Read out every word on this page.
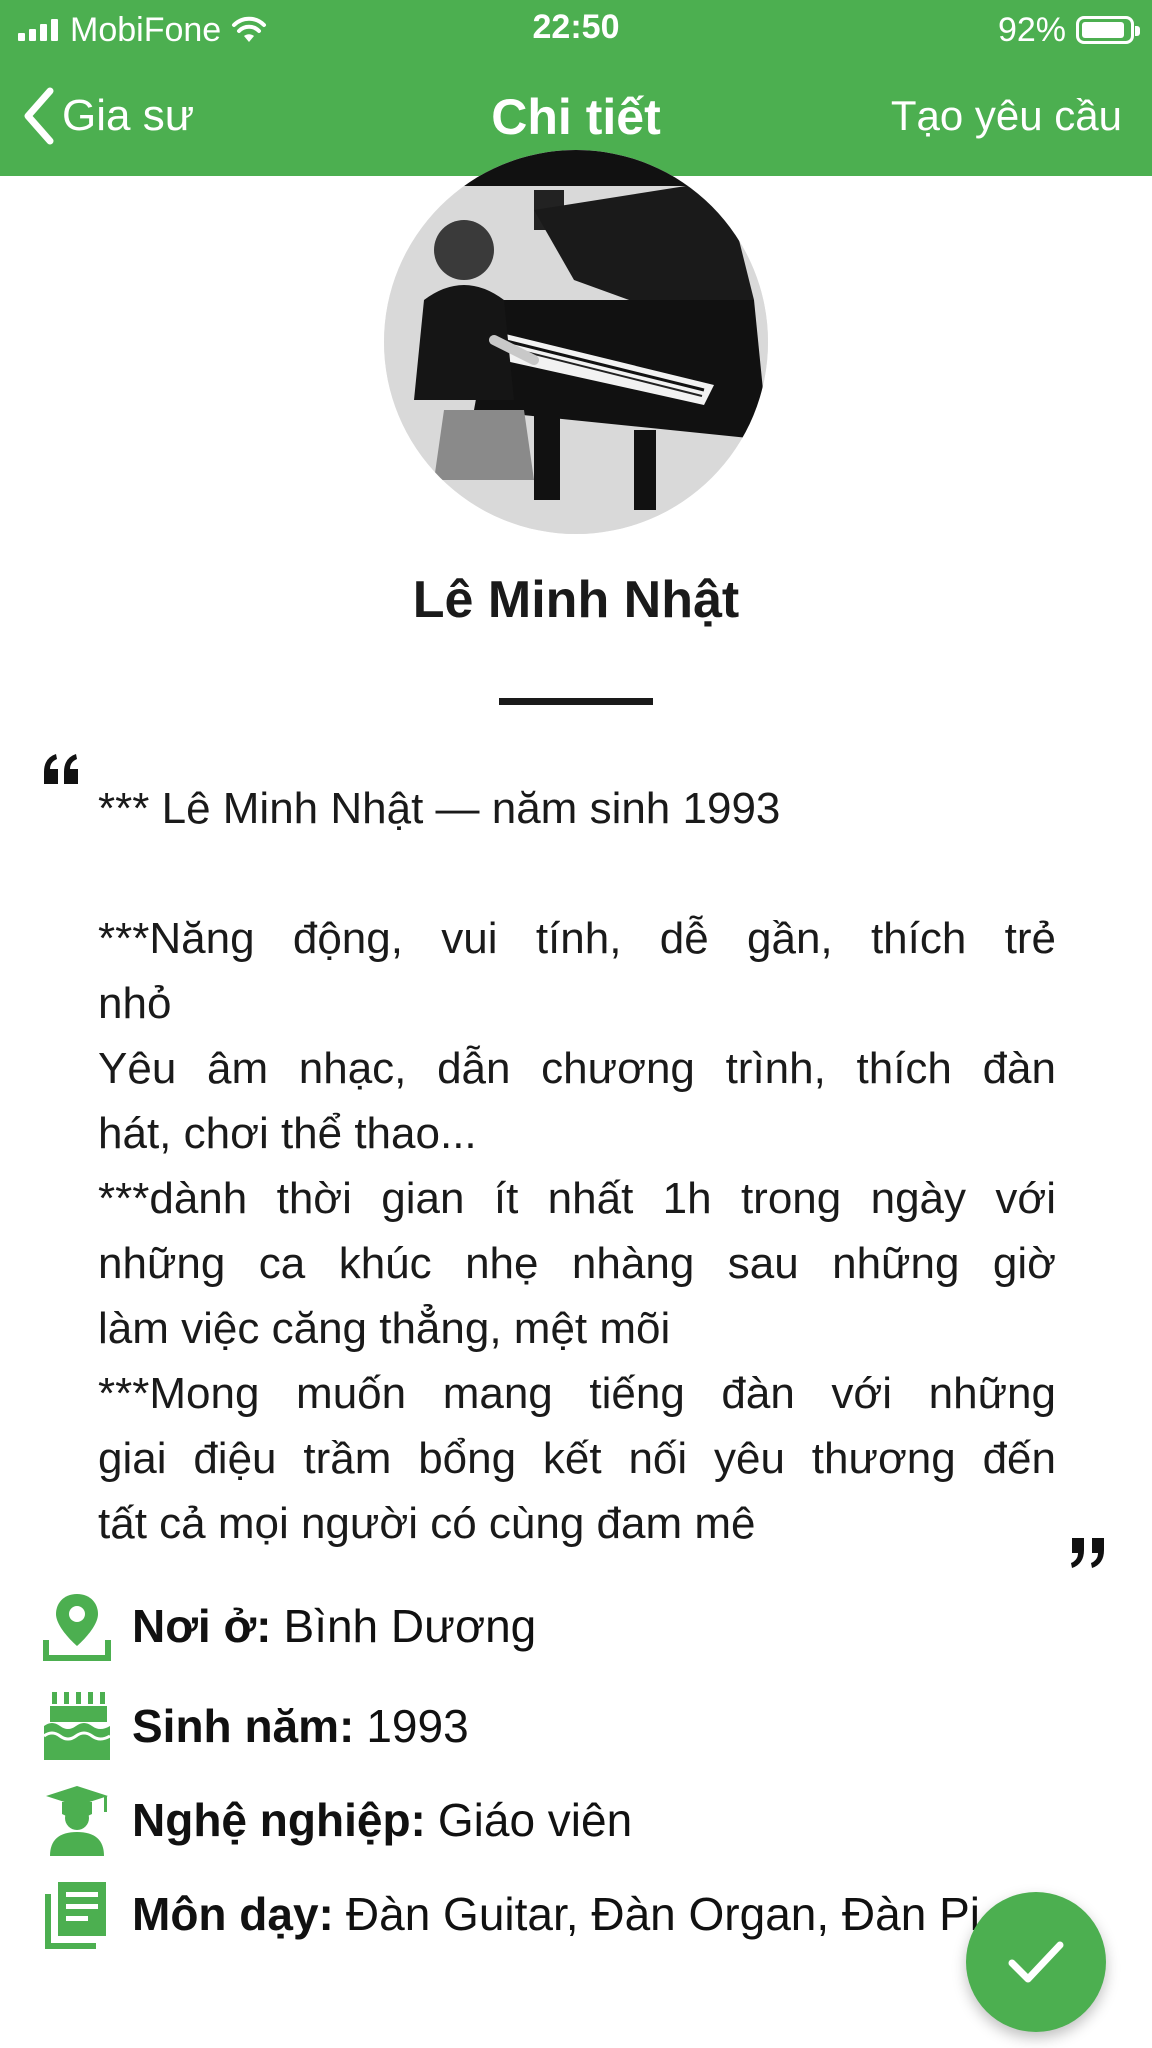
MobiFone	22:50	92%
Gia sư	Chi tiết	Tạo yêu cầu
Lê Minh Nhật
*** Lê Minh Nhật — năm sinh 1993
***Năng động, vui tính, dễ gần, thích trẻ
nhỏ
Yêu âm nhạc, dẫn chương trình, thích đàn
hát, chơi thể thao...
***dành thời gian ít nhất 1h trong ngày với
những ca khúc nhẹ nhàng sau những giờ
làm việc căng thẳng, mệt mõi
***Mong muốn mang tiếng đàn với những
giai điệu trầm bổng kết nối yêu thương đến
tất cả mọi người có cùng đam mê
Nơi ở: Bình Dương
Sinh năm: 1993
Nghệ nghiệp: Giáo viên
Môn dạy: Đàn Guitar, Đàn Organ, Đàn Pi
